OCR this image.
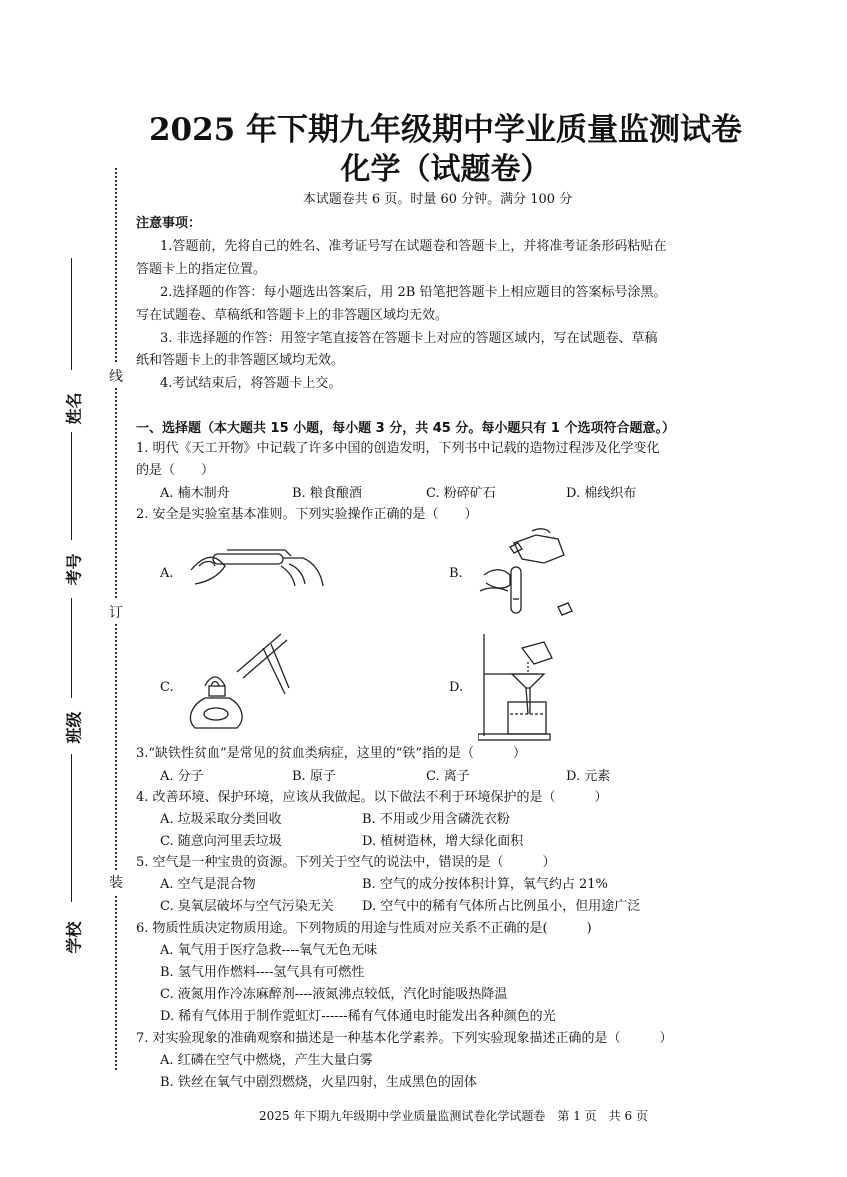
线
订
装
姓名
考号
班级
学校
2025 年下期九年级期中学业质量监测试卷
化学（试题卷）
本试题卷共 6 页。时量 60 分钟。满分 100 分
注意事项：
1.答题前，先将自己的姓名、准考证号写在试题卷和答题卡上，并将准考证条形码粘贴在
答题卡上的指定位置。
2.选择题的作答：每小题选出答案后，用 2B 铅笔把答题卡上相应题目的答案标号涂黑。
写在试题卷、草稿纸和答题卡上的非答题区域均无效。
3. 非选择题的作答：用签字笔直接答在答题卡上对应的答题区域内，写在试题卷、草稿
纸和答题卡上的非答题区域均无效。
4.考试结束后，将答题卡上交。
一、选择题（本大题共 15 小题，每小题 3 分，共 45 分。每小题只有 1 个选项符合题意。）
1. 明代《天工开物》中记载了许多中国的创造发明，下列书中记载的造物过程涉及化学变化
的是（　　）
A. 楠木制舟	B. 粮食酿酒	C. 粉碎矿石	D. 棉线织布
2. 安全是实验室基本准则。下列实验操作正确的是（　　）
A.	B.
C.	D.
3.“缺铁性贫血”是常见的贫血类病症，这里的“铁”指的是（　　　）
A. 分子	B. 原子	C. 离子	D. 元素
4. 改善环境、保护环境，应该从我做起。以下做法不利于环境保护的是（　　　）
A. 垃圾采取分类回收	B. 不用或少用含磷洗衣粉
C. 随意向河里丢垃圾	D. 植树造林，增大绿化面积
5. 空气是一种宝贵的资源。下列关于空气的说法中，错误的是（　　　）
A. 空气是混合物	B. 空气的成分按体积计算，氧气约占 21%
C. 臭氧层破坏与空气污染无关 D. 空气中的稀有气体所占比例虽小，但用途广泛
6. 物质性质决定物质用途。下列物质的用途与性质对应关系不正确的是(　　　)
A. 氧气用于医疗急救----氧气无色无味
B. 氢气用作燃料----氢气具有可燃性
C. 液氮用作冷冻麻醉剂----液氮沸点较低，汽化时能吸热降温
D. 稀有气体用于制作霓虹灯------稀有气体通电时能发出各种颜色的光
7. 对实验现象的准确观察和描述是一种基本化学素养。下列实验现象描述正确的是（　　　）
A. 红磷在空气中燃烧，产生大量白雾
B. 铁丝在氧气中剧烈燃烧，火星四射，生成黑色的固体
2025 年下期九年级期中学业质量监测试卷化学试题卷　第 1 页　共 6 页
